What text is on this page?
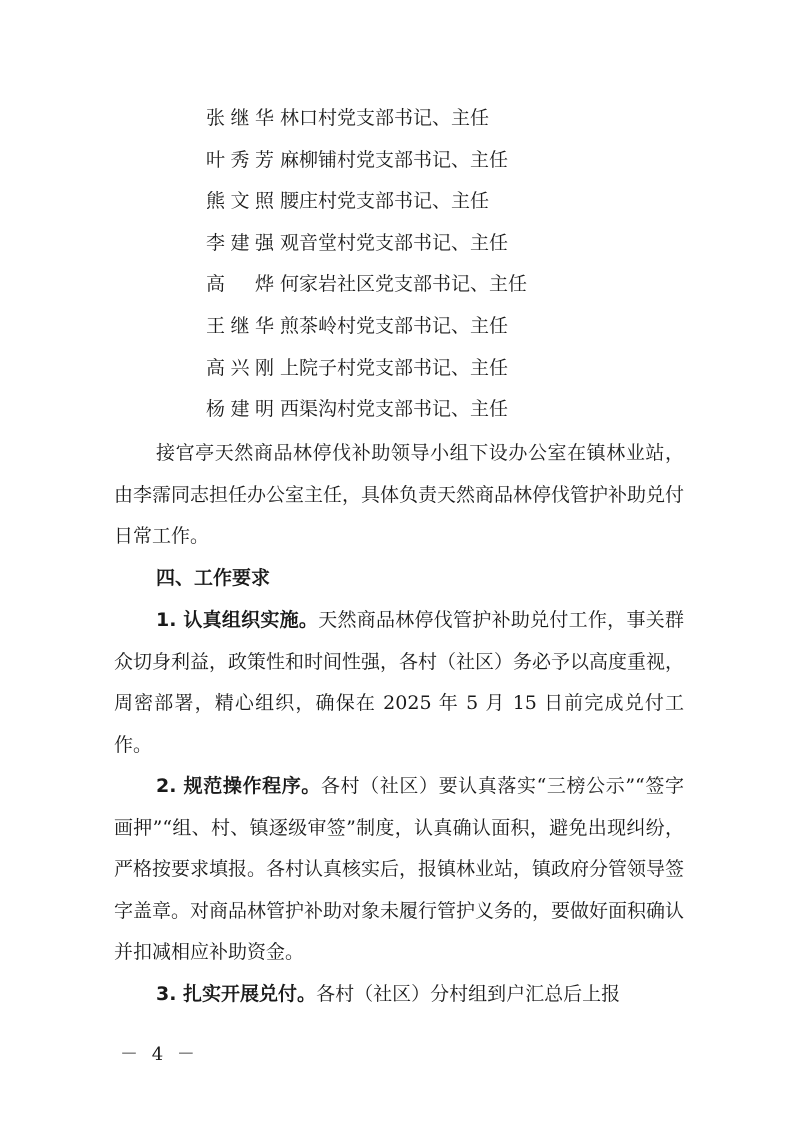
张继华 林口村党支部书记、主任
叶秀芳 麻柳铺村党支部书记、主任
熊文照 腰庄村党支部书记、主任
李建强 观音堂村党支部书记、主任
高烨 何家岩社区党支部书记、主任
王继华 煎茶岭村党支部书记、主任
高兴刚 上院子村党支部书记、主任
杨建明 西渠沟村党支部书记、主任

接官亭天然商品林停伐补助领导小组下设办公室在镇林业站，由李霈同志担任办公室主任，具体负责天然商品林停伐管护补助兑付日常工作。

四、工作要求

1. 认真组织实施。天然商品林停伐管护补助兑付工作，事关群众切身利益，政策性和时间性强，各村（社区）务必予以高度重视，周密部署，精心组织，确保在 2025 年 5 月 15 日前完成兑付工作。

2. 规范操作程序。各村（社区）要认真落实“三榜公示”“签字画押”“组、村、镇逐级审签”制度，认真确认面积，避免出现纠纷，严格按要求填报。各村认真核实后，报镇林业站，镇政府分管领导签字盖章。对商品林管护补助对象未履行管护义务的，要做好面积确认并扣减相应补助资金。

3. 扎实开展兑付。各村（社区）分村组到户汇总后上报

－ 4 －
